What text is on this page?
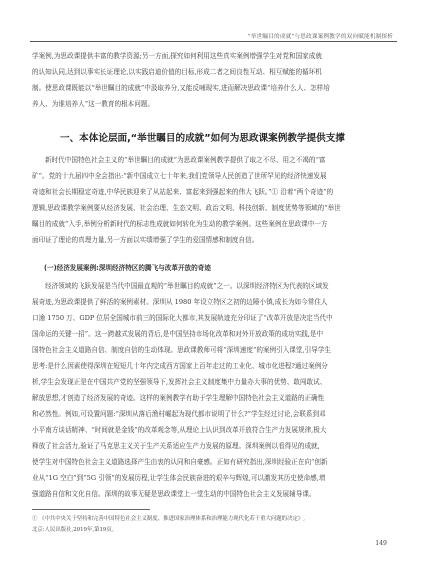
“举世瞩目的成就”与思政课案例教学的双向赋能机制探析

学案例,为思政课提供丰富的教学资源;另一方面,探究如何利用这些真实案例增强学生对党和国家成就

的认知认同,达到以事实长证理论,以实践启迪价值的目标,形成二者之间良性互动、相互赋能的循环机

制。使思政课既能以“举世瞩目的成就”中汲取养分,又能反哺现实,进而解决思政课“培养什么人、怎样培

养人、为谁培养人”这一教育的根本问题。

一、本体论层面,“举世瞩目的成就”如何为思政课案例教学提供支撑

新时代中国特色社会主义的“举世瞩目的成就”为思政课案例教学提供了取之不尽、用之不竭的“富

矿”。党的十九届四中全会指出:“新中国成立七十年来,我们党领导人民创造了世所罕见的经济快速发展

奇迹和社会长期稳定奇迹,中华民族迎来了从站起来、富起来到强起来的伟大飞跃。”① 沿着“两个奇迹”的

逻辑,思政课教学案例要从经济发展、社会治理、生态文明、政治文明、科技创新、制度优势等领域的“举世

瞩目的成就”入手,举例分析新时代的标志性成就如何转化为生动的教学案例。这些案例在思政课中一方

面印证了理论的真理力量,另一方面以实绩增强了学生的爱国情感和制度自信。

(一)经济发展案例:深圳经济特区的腾飞与改革开放的奇迹

经济领域的飞跃发展是当代中国最直观的“举世瞩目的成就”之一。以深圳经济特区为代表的区域发

展奇迹,为思政课提供了鲜活的案例素材。深圳从 1980 年设立特区之初的边陲小镇,成长为如今常住人

口逾 1750 万、GDP 位居全国城市前三的国际化大都市,其发展轨迹充分印证了“改革开放是决定当代中

国命运的关键一招”。这一跨越式发展的背后,是中国坚持市场化改革和对外开放政策的成功实践,是中

国特色社会主义道路自信、制度自信的生动体现。思政课教师可将“深圳速度”的案例引入课堂,引导学生

思考:是什么因素使得深圳在短短几十年内完成西方国家上百年走过的工业化、城市化进程?通过案例分

析,学生会发现正是在中国共产党的坚强领导下,发挥社会主义制度集中力量办大事的优势、敢闯敢试、

解放思想,才创造了经济发展的奇迹。这样的案例教学有助于学生理解中国特色社会主义道路的正确性

和必然性。例如,可设置问题:“深圳从落后渔村崛起为现代都市说明了什么?”学生经过讨论,会联系到邓

小平南方谈话精神、“时间就是金钱”的改革观念等,从理论上认识到改革开放符合生产力发展规律,极大

释放了社会活力,验证了马克思主义关于生产关系适应生产力发展的原理。深圳案例以看得见的成就,

使学生对中国特色社会主义道路选择产生由衷的认同和自豪感。正如有研究指出,深圳经验正在向“创新

业从“1G 空白”到“5G 引领”的发展历程,让学生体会民族奋进的艰辛与辉煌,可以激发其历史使命感,增

强道路自信和文化自信。深圳的故事无疑是思政课堂上一堂生动的中国特色社会主义发展辅导课。

① 《中共中央关于坚持和完善中国特色社会主义制度、推进国家治理体系和治理能力现代化若干重大问题的决定》,

北京:人民出版社,2019年,第19页。

149
